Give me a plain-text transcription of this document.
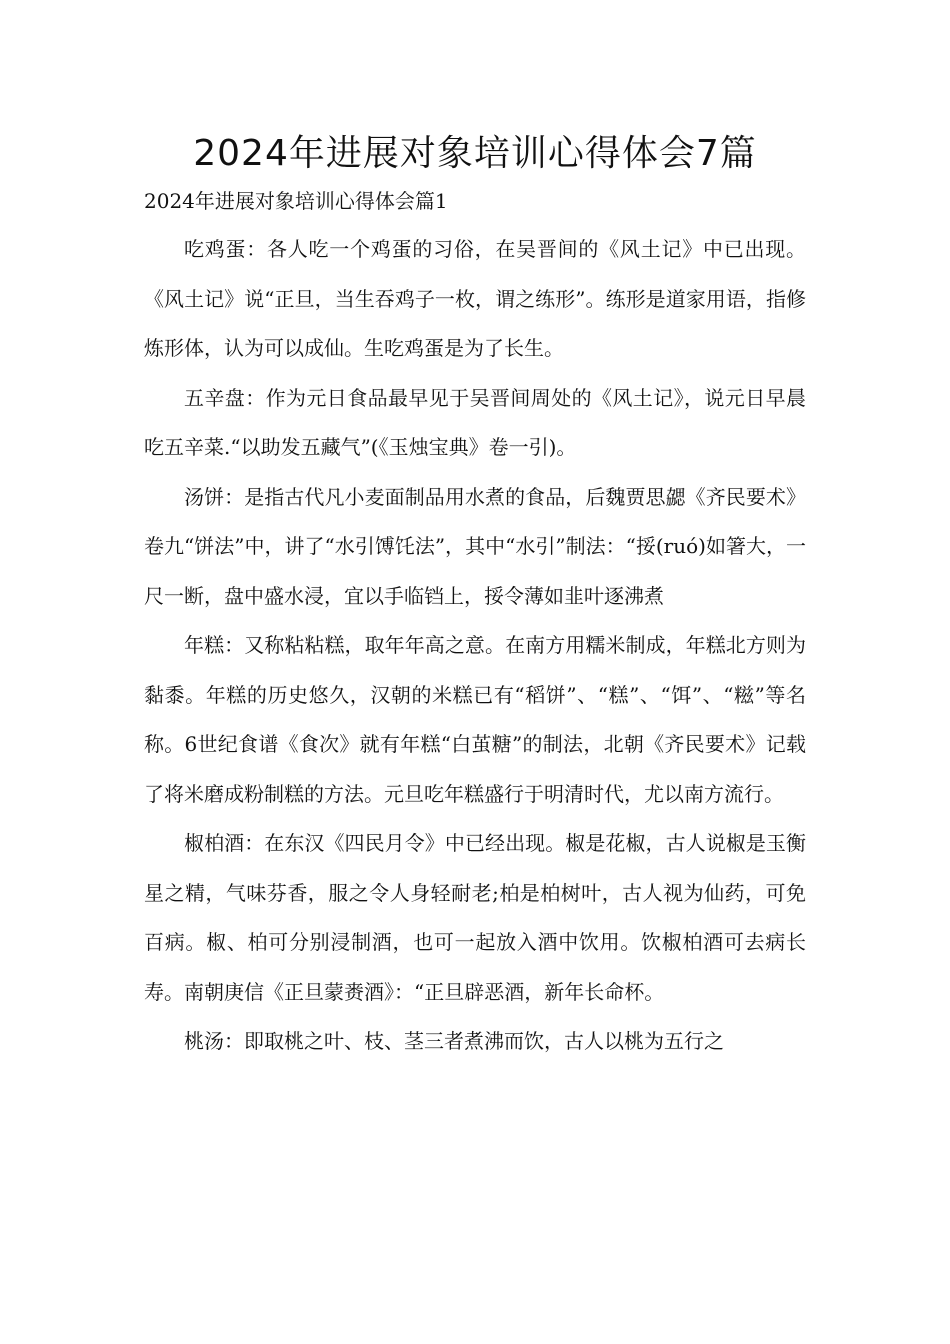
2024年进展对象培训心得体会7篇

2024年进展对象培训心得体会篇1

吃鸡蛋：各人吃一个鸡蛋的习俗，在吴晋间的《风土记》中已出现。《风土记》说“正旦，当生吞鸡子一枚，谓之练形”。练形是道家用语，指修炼形体，认为可以成仙。生吃鸡蛋是为了长生。

五辛盘：作为元日食品最早见于吴晋间周处的《风土记》，说元日早晨吃五辛菜.“以助发五藏气”(《玉烛宝典》卷一引)。

汤饼：是指古代凡小麦面制品用水煮的食品，后魏贾思勰《齐民要术》卷九“饼法”中，讲了“水引馎饦法”，其中“水引”制法：“挼(ruó)如箸大，一尺一断，盘中盛水浸，宜以手临铛上，挼令薄如韭叶逐沸煮

年糕：又称粘粘糕，取年年高之意。在南方用糯米制成，年糕北方则为黏黍。年糕的历史悠久，汉朝的米糕已有“稻饼”、“糕”、“饵”、“糍”等名称。6世纪食谱《食次》就有年糕“白茧糖”的制法，北朝《齐民要术》记载了将米磨成粉制糕的方法。元旦吃年糕盛行于明清时代，尤以南方流行。

椒柏酒：在东汉《四民月令》中已经出现。椒是花椒，古人说椒是玉衡星之精，气味芬香，服之令人身轻耐老;柏是柏树叶，古人视为仙药，可免百病。椒、柏可分别浸制酒，也可一起放入酒中饮用。饮椒柏酒可去病长寿。南朝庚信《正旦蒙赉酒》：“正旦辟恶酒，新年长命杯。

桃汤：即取桃之叶、枝、茎三者煮沸而饮，古人以桃为五行之
